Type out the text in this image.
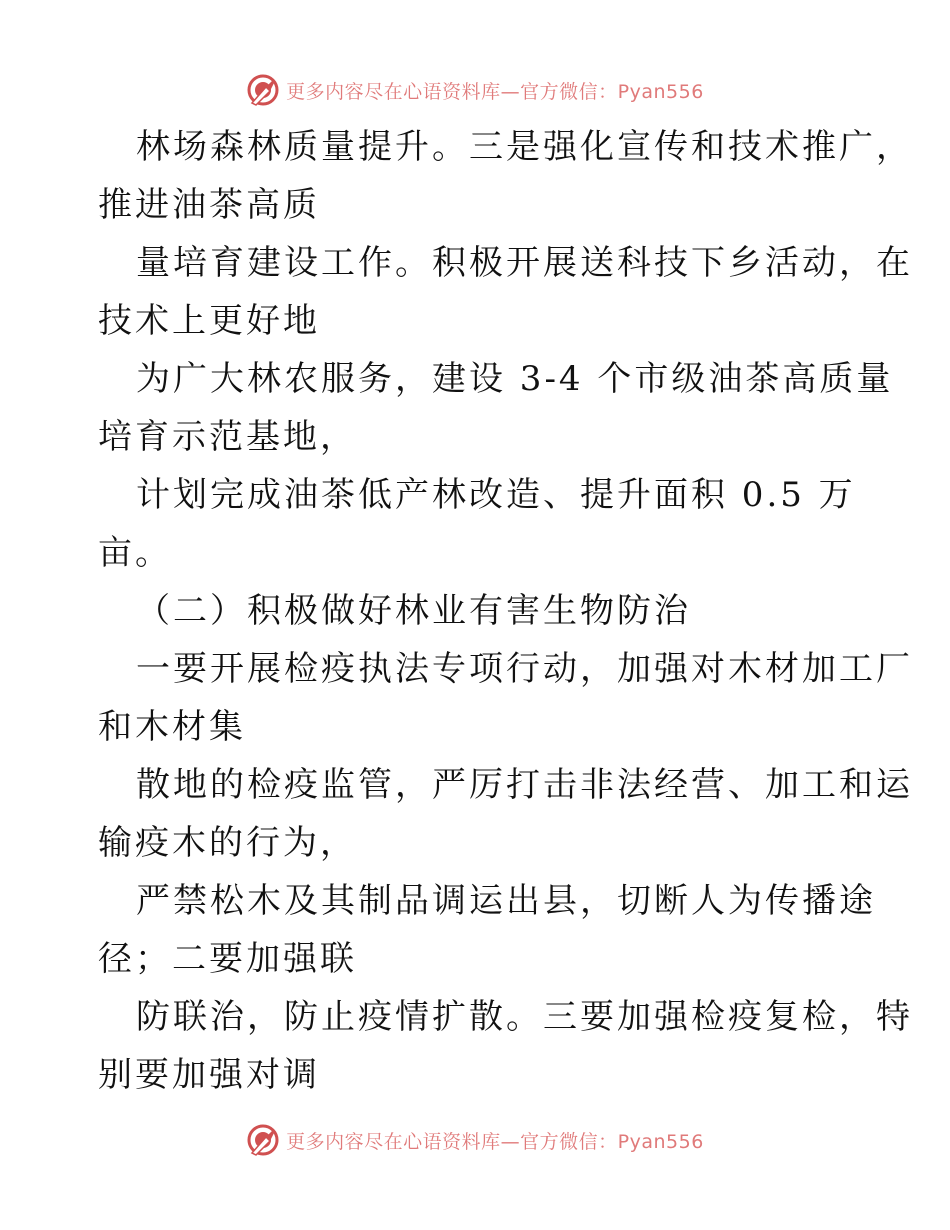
更多内容尽在心语资料库—官方微信：Pyan556
林场森林质量提升。三是强化宣传和技术推广，
推进油茶高质
量培育建设工作。积极开展送科技下乡活动，在
技术上更好地
为广大林农服务，建设 3-4 个市级油茶高质量
培育示范基地，
计划完成油茶低产林改造、提升面积 0.5 万
亩。
（二）积极做好林业有害生物防治
一要开展检疫执法专项行动，加强对木材加工厂
和木材集
散地的检疫监管，严厉打击非法经营、加工和运
输疫木的行为，
严禁松木及其制品调运出县，切断人为传播途
径；二要加强联
防联治，防止疫情扩散。三要加强检疫复检，特
别要加强对调
更多内容尽在心语资料库—官方微信：Pyan556
